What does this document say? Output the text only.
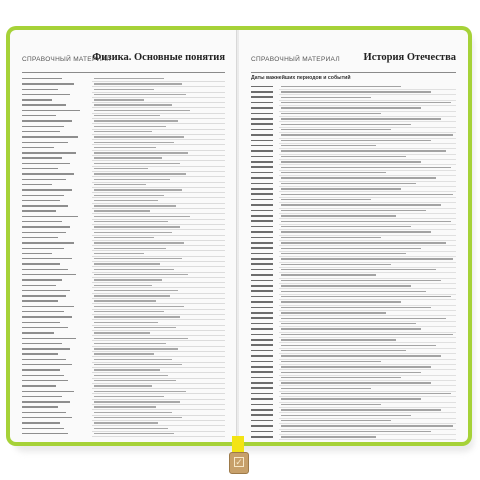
СПРАВОЧНЫЙ МАТЕРИАЛ
Физика. Основные понятия	СПРАВОЧНЫЙ МАТЕРИАЛ История Отечества
Даты важнейших периодов и событий
✓
